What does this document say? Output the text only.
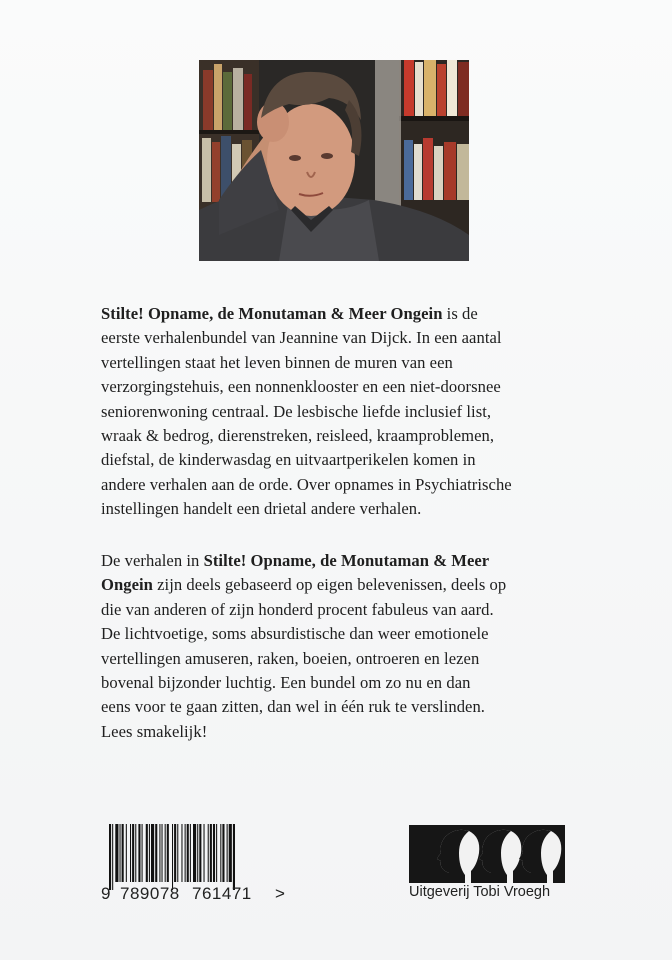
Stilte! Opname, de Monutaman & Meer Ongein is de
eerste verhalenbundel van Jeannine van Dijck. In een aantal
vertellingen staat het leven binnen de muren van een
verzorgingstehuis, een nonnenklooster en een niet-doorsnee
seniorenwoning centraal. De lesbische liefde inclusief list,
wraak & bedrog, dierenstreken, reisleed, kraamproblemen,
diefstal, de kinderwasdag en uitvaartperikelen komen in
andere verhalen aan de orde. Over opnames in Psychiatrische
instellingen handelt een drietal andere verhalen.
De verhalen in Stilte! Opname, de Monutaman & Meer
Ongein zijn deels gebaseerd op eigen belevenissen, deels op
die van anderen of zijn honderd procent fabuleus van aard.
De lichtvoetige, soms absurdistische dan weer emotionele
vertellingen amuseren, raken, boeien, ontroeren en lezen
bovenal bijzonder luchtig. Een bundel om zo nu en dan
eens voor te gaan zitten, dan wel in één ruk te verslinden.
Lees smakelijk!
9 789078 761471 >	Uitgeverij Tobi Vroegh
